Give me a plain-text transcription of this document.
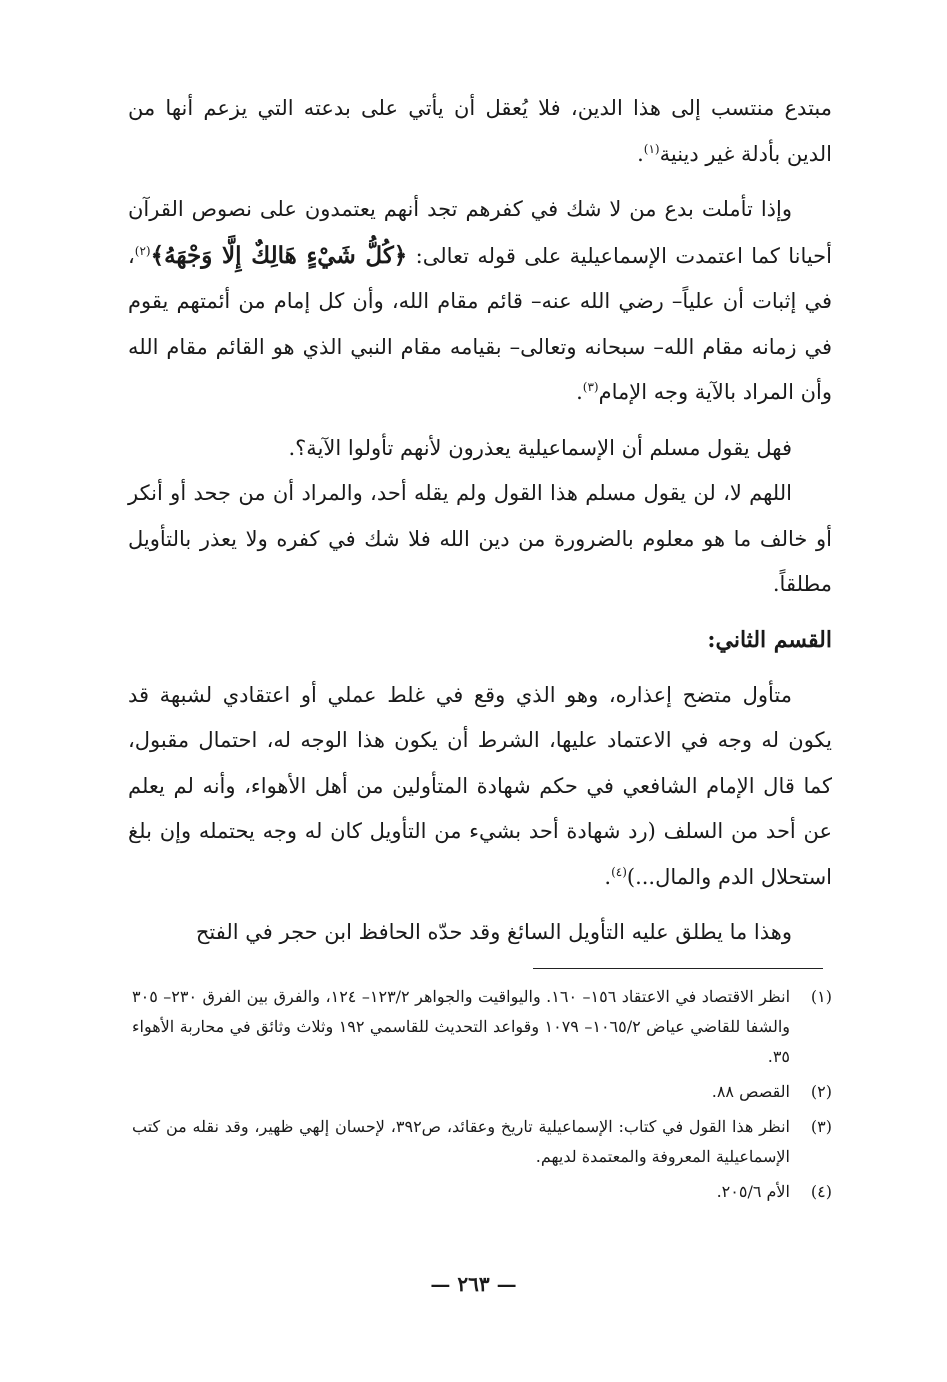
مبتدع منتسب إلى هذا الدين، فلا يُعقل أن يأتي على بدعته التي يزعم أنها من الدين بأدلة غير دينية$^{(١)}$.

وإذا تأملت بدع من لا شك في كفرهم تجد أنهم يعتمدون على نصوص القرآن أحيانا كما اعتمدت الإسماعيلية على قوله تعالى: ﴿كُلُّ شَيْءٍ هَالِكٌ إِلَّا وَجْهَهُ﴾$^{(٢)}$، في إثبات أن علياً– رضي الله عنه– قائم مقام الله، وأن كل إمام من أئمتهم يقوم في زمانه مقام الله– سبحانه وتعالى– بقيامه مقام النبي الذي هو القائم مقام الله وأن المراد بالآية وجه الإمام$^{(٣)}$.

فهل يقول مسلم أن الإسماعيلية يعذرون لأنهم تأولوا الآية؟.

اللهم لا، لن يقول مسلم هذا القول ولم يقله أحد، والمراد أن من جحد أو أنكر أو خالف ما هو معلوم بالضرورة من دين الله فلا شك في كفره ولا يعذر بالتأويل مطلقاً.

القسم الثاني:

متأول متضح إعذاره، وهو الذي وقع في غلط عملي أو اعتقادي لشبهة قد يكون له وجه في الاعتماد عليها، الشرط أن يكون هذا الوجه له، احتمال مقبول، كما قال الإمام الشافعي في حكم شهادة المتأولين من أهل الأهواء، وأنه لم يعلم عن أحد من السلف (رد شهادة أحد بشيء من التأويل كان له وجه يحتمله وإن بلغ استحلال الدم والمال...)$^{(٤)}$.

وهذا ما يطلق عليه التأويل السائغ وقد حدّه الحافظ ابن حجر في الفتح

(١)
انظر الاقتصاد في الاعتقاد ١٥٦– ١٦٠. واليواقيت والجواهر ١٢٣/٢– ١٢٤، والفرق بين الفرق ٢٣٠– ٣٠٥ والشفا للقاضي عياض ١٠٦٥/٢– ١٠٧٩ وقواعد التحديث للقاسمي ١٩٢ وثلاث وثائق في محاربة الأهواء ٣٥.
(٢)
القصص ٨٨.
(٣)
انظر هذا القول في كتاب: الإسماعيلية تاريخ وعقائد، ص٣٩٢، لإحسان إلهي ظهير، وقد نقله من كتب الإسماعيلية المعروفة والمعتمدة لديهم.
(٤)
الأم ٢٠٥/٦.
— ٢٦٣ —
